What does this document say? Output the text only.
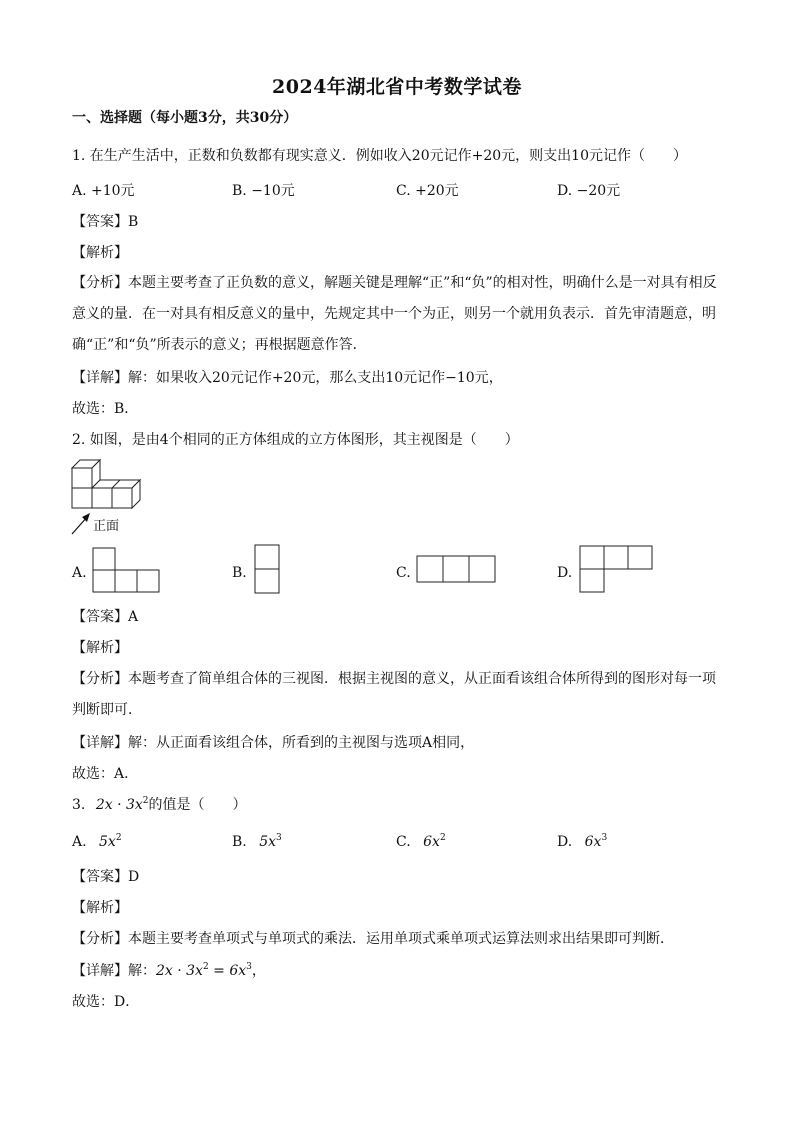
2024年湖北省中考数学试卷
一、选择题（每小题3分，共30分）
1. 在生产生活中，正数和负数都有现实意义．例如收入20元记作+20元，则支出10元记作（　　）
A. +10元	B. −10元	C. +20元	D. −20元
【答案】B
【解析】
【分析】本题主要考查了正负数的意义，解题关键是理解“正”和“负”的相对性，明确什么是一对具有相反意义的量．在一对具有相反意义的量中，先规定其中一个为正，则另一个就用负表示．首先审清题意，明确“正”和“负”所表示的意义；再根据题意作答．
【详解】解：如果收入20元记作+20元，那么支出10元记作−10元，
故选：B．
2. 如图，是由4个相同的正方体组成的立方体图形，其主视图是（　　）
正面
A.	B.	C.	D.
【答案】A
【解析】
【分析】本题考查了简单组合体的三视图．根据主视图的意义，从正面看该组合体所得到的图形对每一项判断即可．
【详解】解：从正面看该组合体，所看到的主视图与选项A相同，
故选：A．
3. $2x \cdot 3x^2$的值是（　　）
A. $5x^2$	B. $5x^3$	C. $6x^2$	D. $6x^3$
【答案】D
【解析】
【分析】本题主要考查单项式与单项式的乘法．运用单项式乘单项式运算法则求出结果即可判断．
【详解】解：$2x \cdot 3x^2 = 6x^3$，
故选：D．
